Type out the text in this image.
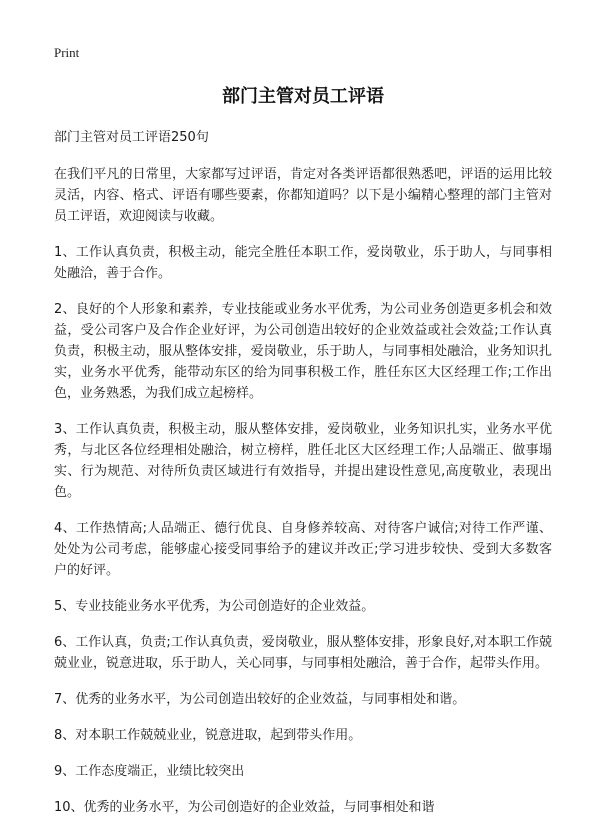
Print
部门主管对员工评语
部门主管对员工评语250句
在我们平凡的日常里，大家都写过评语，肯定对各类评语都很熟悉吧，评语的运用比较灵活，内容、格式、评语有哪些要素，你都知道吗？以下是小编精心整理的部门主管对员工评语，欢迎阅读与收藏。
1、工作认真负责，积极主动，能完全胜任本职工作，爱岗敬业，乐于助人，与同事相处融洽，善于合作。
2、良好的个人形象和素养，专业技能或业务水平优秀，为公司业务创造更多机会和效益，受公司客户及合作企业好评，为公司创造出较好的企业效益或社会效益;工作认真负责，积极主动，服从整体安排，爱岗敬业，乐于助人，与同事相处融洽，业务知识扎实，业务水平优秀，能带动东区的给为同事积极工作，胜任东区大区经理工作;工作出色，业务熟悉，为我们成立起榜样。
3、工作认真负责，积极主动，服从整体安排，爱岗敬业，业务知识扎实，业务水平优秀，与北区各位经理相处融洽，树立榜样，胜任北区大区经理工作;人品端正、做事塌实、行为规范、对待所负责区域进行有效指导，并提出建设性意见,高度敬业，表现出色。
4、工作热情高;人品端正、德行优良、自身修养较高、对待客户诚信;对待工作严谨、处处为公司考虑，能够虚心接受同事给予的建议并改正;学习进步较快、受到大多数客户的好评。
5、专业技能业务水平优秀，为公司创造好的企业效益。
6、工作认真，负责;工作认真负责，爱岗敬业，服从整体安排，形象良好,对本职工作兢兢业业，锐意进取，乐于助人，关心同事，与同事相处融洽，善于合作，起带头作用。
7、优秀的业务水平，为公司创造出较好的企业效益，与同事相处和谐。
8、对本职工作兢兢业业，锐意进取，起到带头作用。
9、工作态度端正，业绩比较突出
10、优秀的业务水平，为公司创造好的企业效益，与同事相处和谐
